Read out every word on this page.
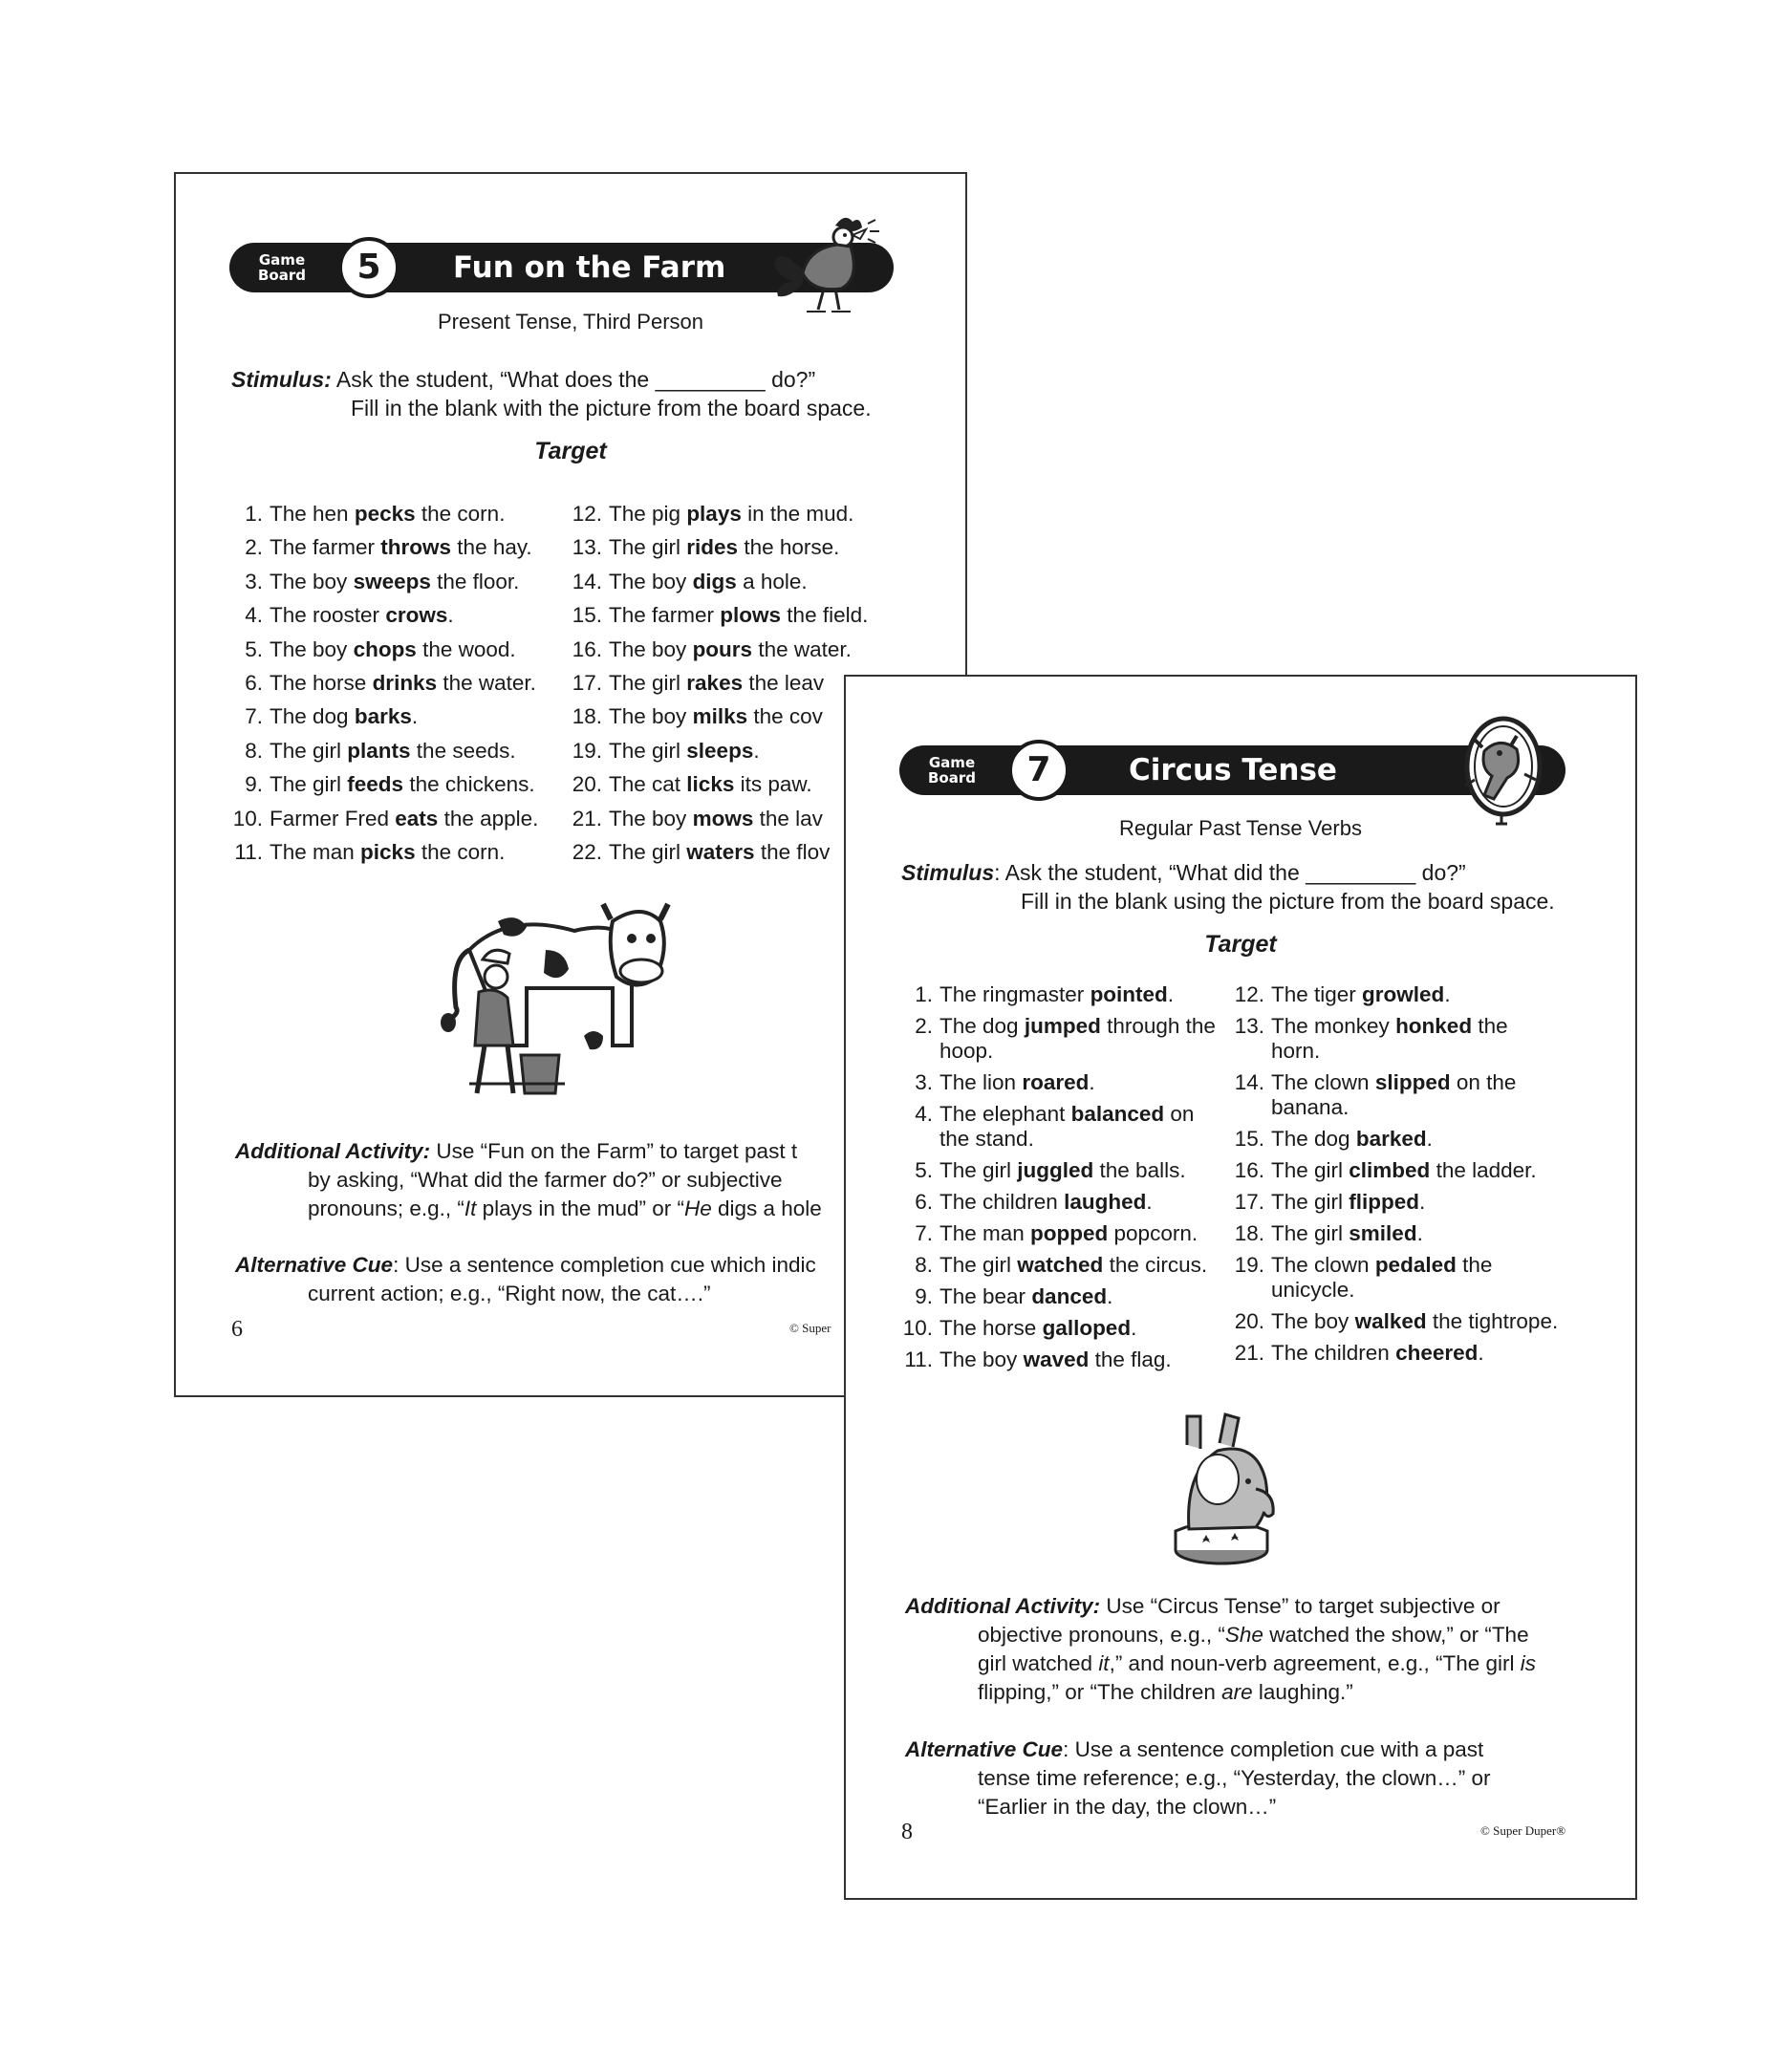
Game Board	5	Fun on the Farm
Present Tense, Third Person
Stimulus: Ask the student, “What does the _________ do?”
Fill in the blank with the picture from the board space.
Target
1. The hen pecks the corn.
2. The farmer throws the hay.
3. The boy sweeps the floor.
4. The rooster crows.
5. The boy chops the wood.
6. The horse drinks the water.
7. The dog barks.
8. The girl plants the seeds.
9. The girl feeds the chickens.
10. Farmer Fred eats the apple.
11. The man picks the corn.
12. The pig plays in the mud.
13. The girl rides the horse.
14. The boy digs a hole.
15. The farmer plows the field.
16. The boy pours the water.
17. The girl rakes the leav
18. The boy milks the cov
19. The girl sleeps.
20. The cat licks its paw.
21. The boy mows the lav
22. The girl waters the flov
Additional Activity: Use “Fun on the Farm” to target past t
by asking, “What did the farmer do?” or subjective
pronouns; e.g., “It plays in the mud” or “He digs a hole
Alternative Cue: Use a sentence completion cue which indic
current action; e.g., “Right now, the cat….”
6	© Super
Game Board	7	Circus Tense
Regular Past Tense Verbs
Stimulus: Ask the student, “What did the _________ do?”
Fill in the blank using the picture from the board space.
Target
1. The ringmaster pointed.
2. The dog jumped through the hoop.
3. The lion roared.
4. The elephant balanced on the stand.
5. The girl juggled the balls.
6. The children laughed.
7. The man popped popcorn.
8. The girl watched the circus.
9. The bear danced.
10. The horse galloped.
11. The boy waved the flag.
12. The tiger growled.
13. The monkey honked the horn.
14. The clown slipped on the banana.
15. The dog barked.
16. The girl climbed the ladder.
17. The girl flipped.
18. The girl smiled.
19. The clown pedaled the unicycle.
20. The boy walked the tightrope.
21. The children cheered.
Additional Activity: Use “Circus Tense” to target subjective or
objective pronouns, e.g., “She watched the show,” or “The
girl watched it,” and noun-verb agreement, e.g., “The girl is
flipping,” or “The children are laughing.”
Alternative Cue: Use a sentence completion cue with a past
tense time reference; e.g., “Yesterday, the clown…” or
“Earlier in the day, the clown…”
8	© Super Duper®
